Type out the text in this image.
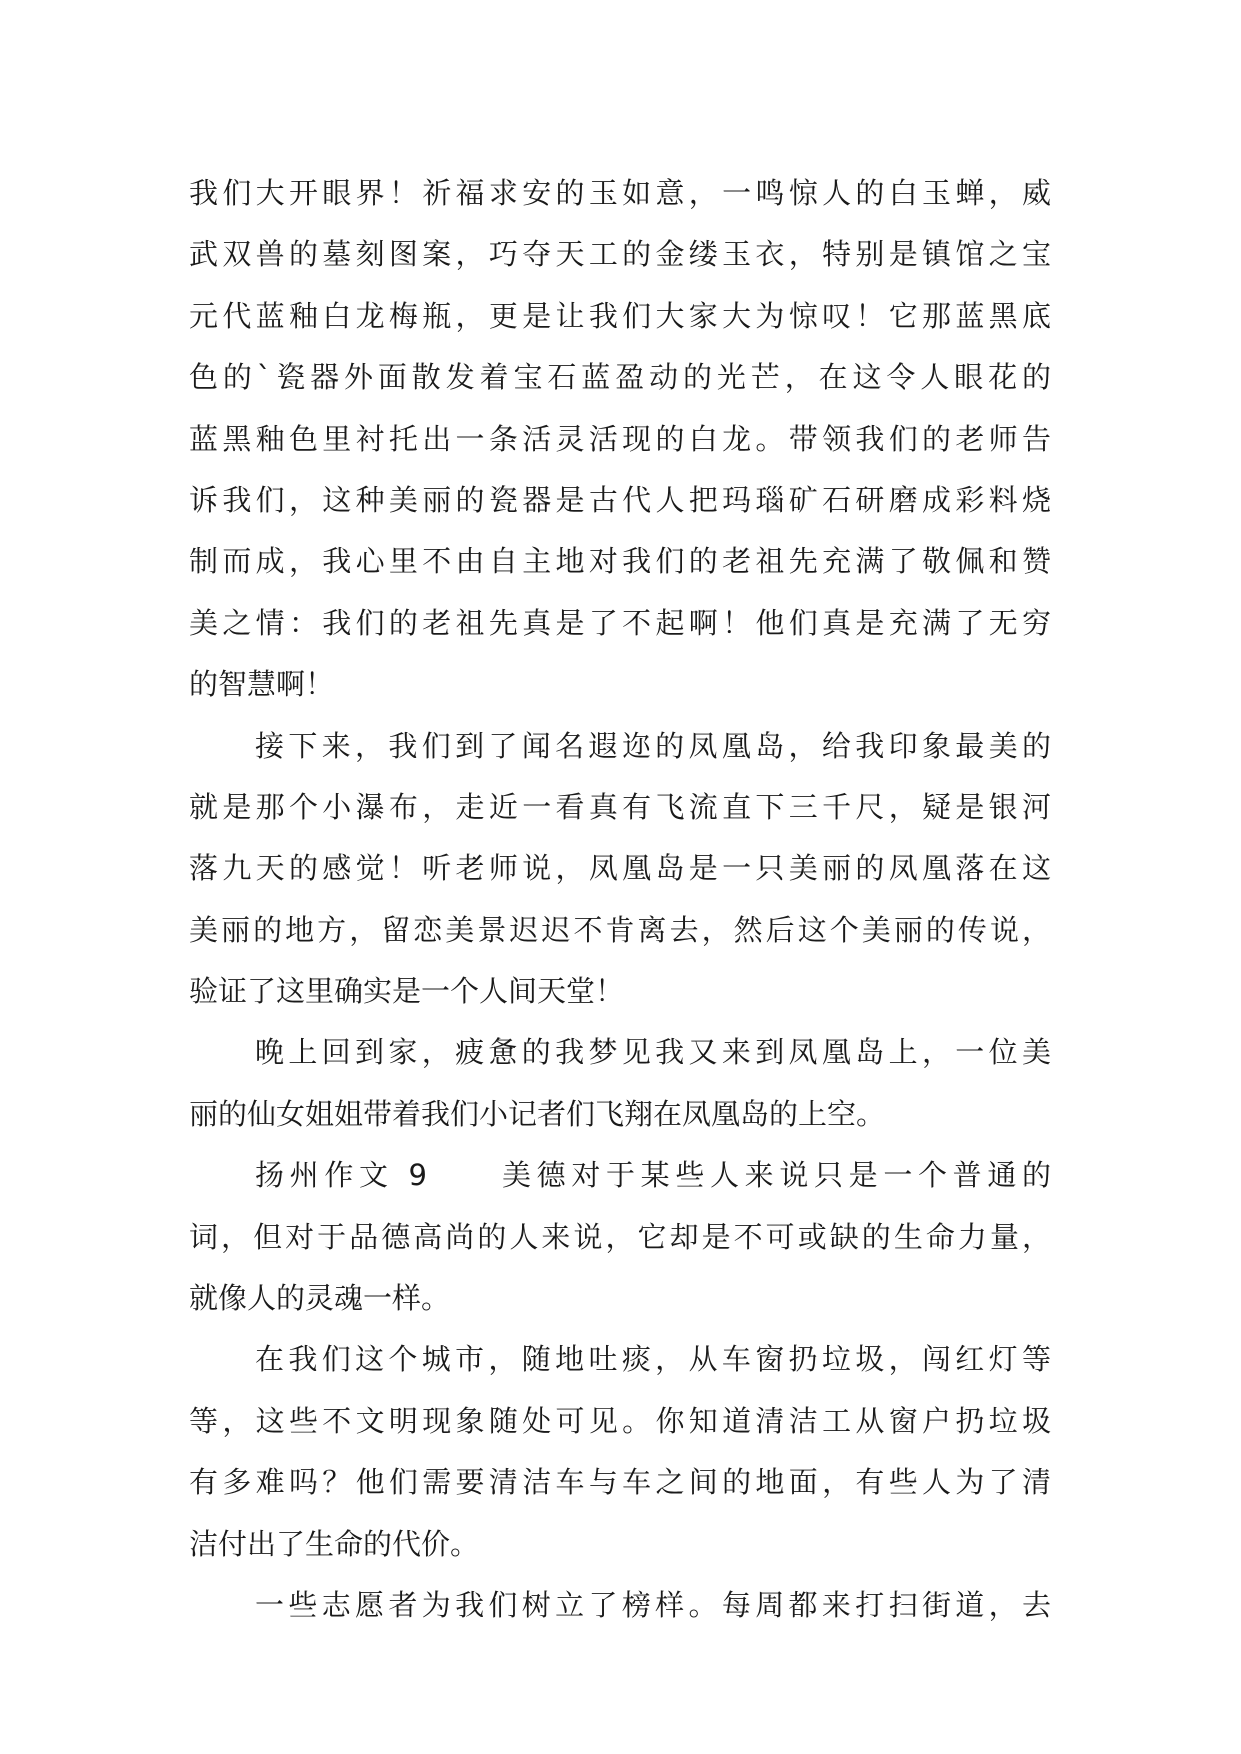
我们大开眼界！祈福求安的玉如意，一鸣惊人的白玉蝉，威
武双兽的墓刻图案，巧夺天工的金缕玉衣，特别是镇馆之宝
元代蓝釉白龙梅瓶，更是让我们大家大为惊叹！它那蓝黑底
色的`瓷器外面散发着宝石蓝盈动的光芒，在这令人眼花的
蓝黑釉色里衬托出一条活灵活现的白龙。带领我们的老师告
诉我们，这种美丽的瓷器是古代人把玛瑙矿石研磨成彩料烧
制而成，我心里不由自主地对我们的老祖先充满了敬佩和赞
美之情：我们的老祖先真是了不起啊！他们真是充满了无穷
的智慧啊！
接下来，我们到了闻名遐迩的凤凰岛，给我印象最美的
就是那个小瀑布，走近一看真有飞流直下三千尺，疑是银河
落九天的感觉！听老师说，凤凰岛是一只美丽的凤凰落在这
美丽的地方，留恋美景迟迟不肯离去，然后这个美丽的传说，
验证了这里确实是一个人间天堂！
晚上回到家，疲惫的我梦见我又来到凤凰岛上，一位美
丽的仙女姐姐带着我们小记者们飞翔在凤凰岛的上空。
扬州作文 9　　美德对于某些人来说只是一个普通的
词，但对于品德高尚的人来说，它却是不可或缺的生命力量，
就像人的灵魂一样。
在我们这个城市，随地吐痰，从车窗扔垃圾，闯红灯等
等，这些不文明现象随处可见。你知道清洁工从窗户扔垃圾
有多难吗？他们需要清洁车与车之间的地面，有些人为了清
洁付出了生命的代价。
一些志愿者为我们树立了榜样。每周都来打扫街道，去
